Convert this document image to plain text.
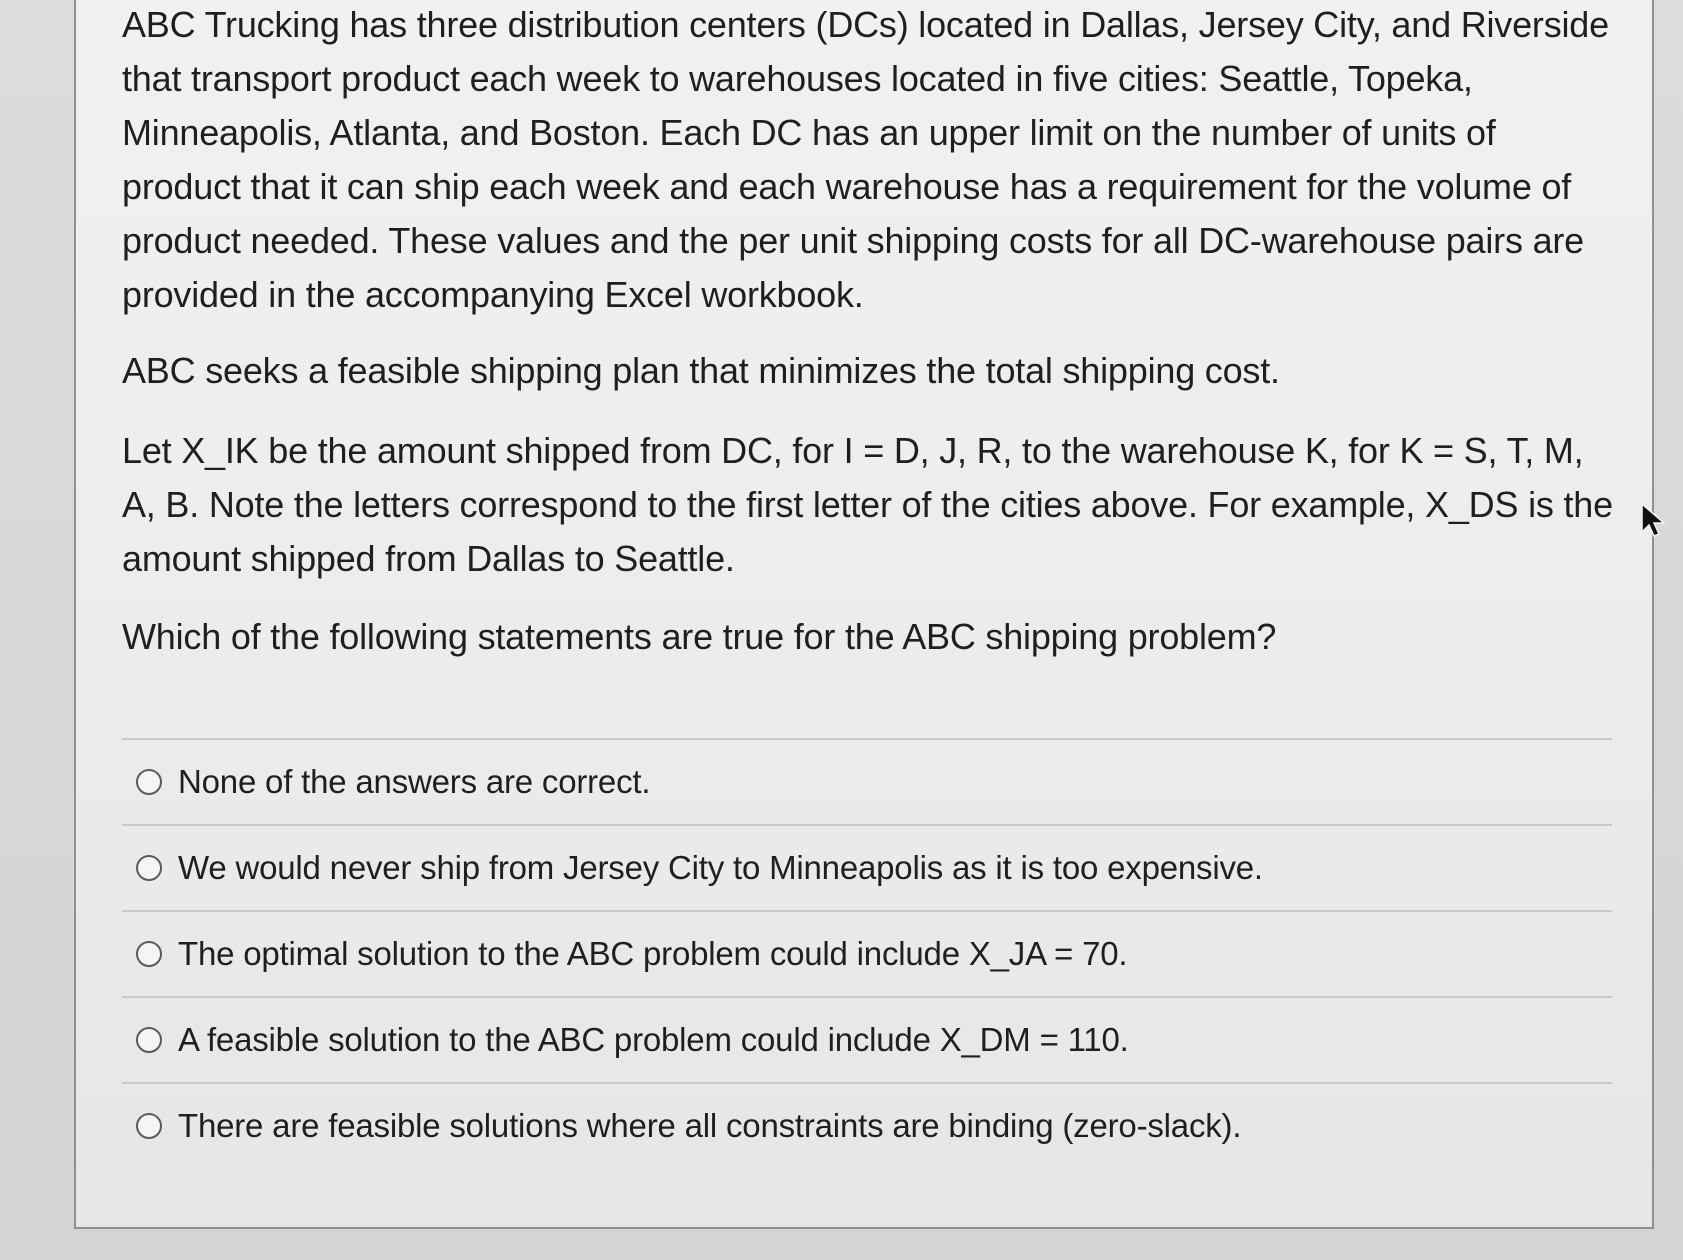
ABC Trucking has three distribution centers (DCs) located in Dallas, Jersey City, and Riverside that transport product each week to warehouses located in five cities: Seattle, Topeka, Minneapolis, Atlanta, and Boston. Each DC has an upper limit on the number of units of product that it can ship each week and each warehouse has a requirement for the volume of product needed. These values and the per unit shipping costs for all DC-warehouse pairs are provided in the accompanying Excel workbook.

ABC seeks a feasible shipping plan that minimizes the total shipping cost.

Let X_IK be the amount shipped from DC, for I = D, J, R, to the warehouse K, for K = S, T, M, A, B. Note the letters correspond to the first letter of the cities above. For example, X_DS is the amount shipped from Dallas to Seattle.

Which of the following statements are true for the ABC shipping problem?

None of the answers are correct.
We would never ship from Jersey City to Minneapolis as it is too expensive.
The optimal solution to the ABC problem could include X_JA = 70.
A feasible solution to the ABC problem could include X_DM = 110.
There are feasible solutions where all constraints are binding (zero-slack).
